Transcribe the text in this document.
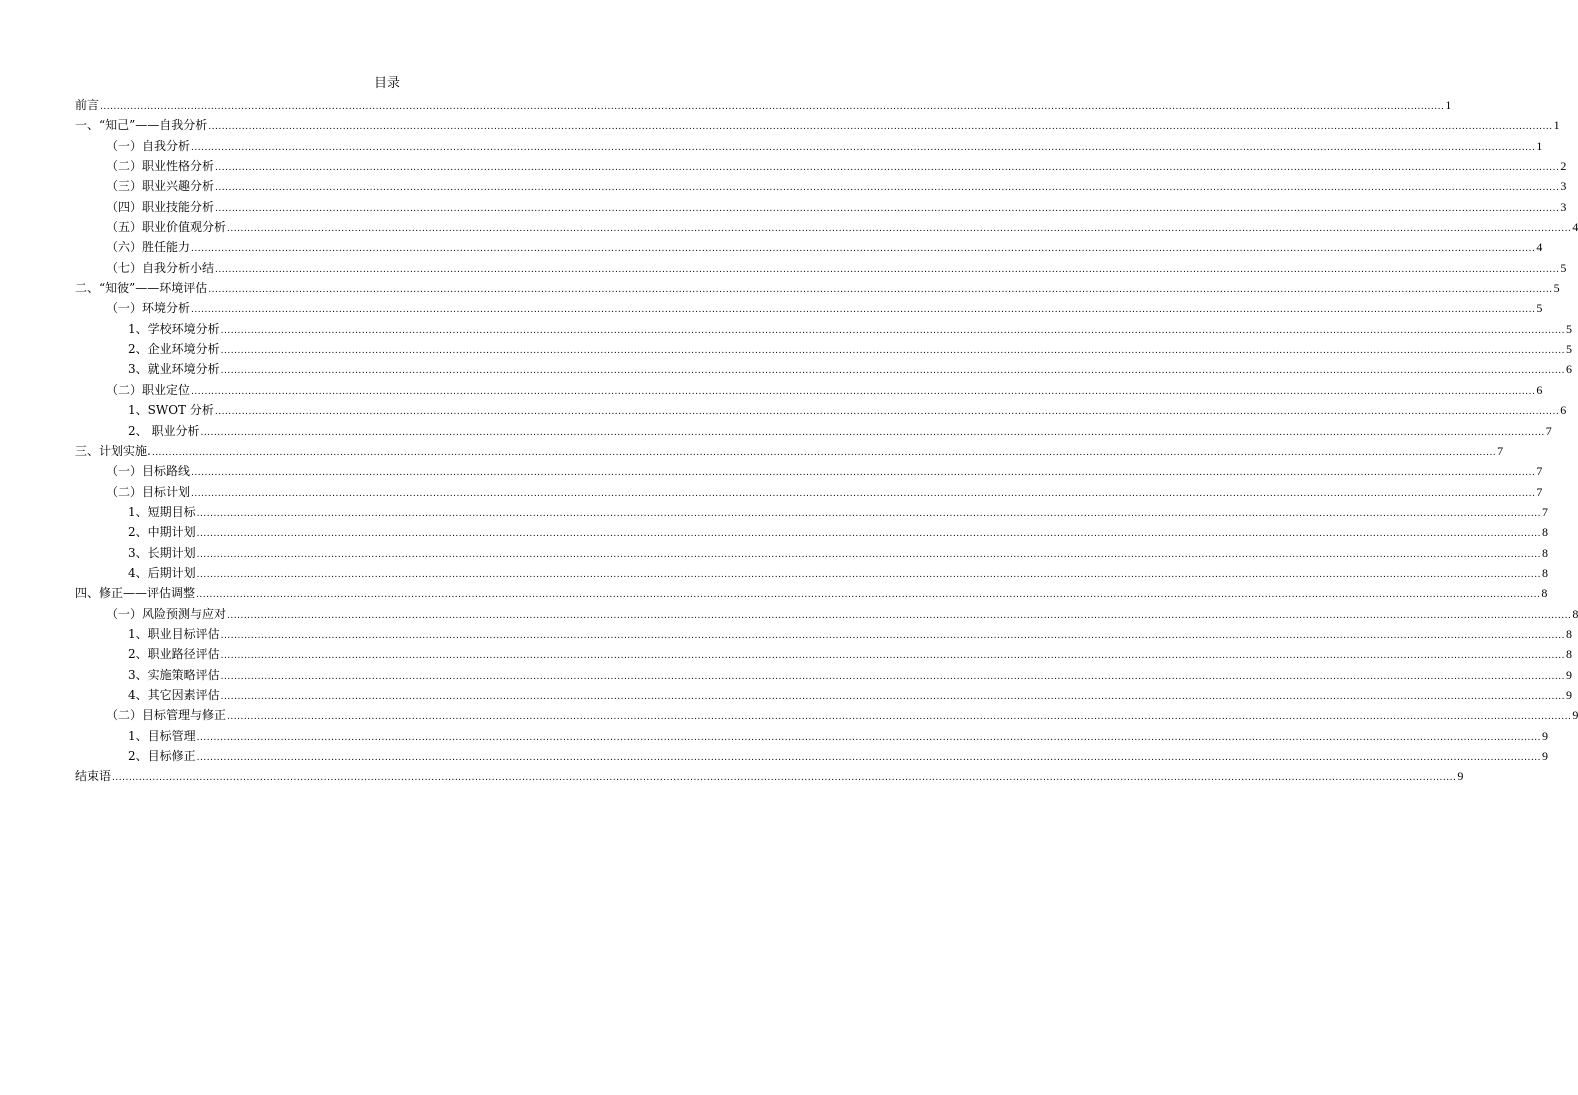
目录
前言 ................................................................................................................................................................................................................................................................................................................................................................................................................ 1
一、“知己”——自我分析 ................................................................................................................................................................................................................................................................................................................................................................................................................ 1
（一）自我分析 ................................................................................................................................................................................................................................................................................................................................................................................................................ 1
（二）职业性格分析 ................................................................................................................................................................................................................................................................................................................................................................................................................ 2
（三）职业兴趣分析 ................................................................................................................................................................................................................................................................................................................................................................................................................ 3
（四）职业技能分析 ................................................................................................................................................................................................................................................................................................................................................................................................................ 3
（五）职业价值观分析 ................................................................................................................................................................................................................................................................................................................................................................................................................ 4
（六）胜任能力 ................................................................................................................................................................................................................................................................................................................................................................................................................ 4
（七）自我分析小结 ................................................................................................................................................................................................................................................................................................................................................................................................................ 5
二、“知彼”——环境评估 ................................................................................................................................................................................................................................................................................................................................................................................................................ 5
（一）环境分析 ................................................................................................................................................................................................................................................................................................................................................................................................................ 5
1、学校环境分析 ................................................................................................................................................................................................................................................................................................................................................................................................................ 5
2、企业环境分析 ................................................................................................................................................................................................................................................................................................................................................................................................................ 5
3、就业环境分析 ................................................................................................................................................................................................................................................................................................................................................................................................................ 6
（二）职业定位 ................................................................................................................................................................................................................................................................................................................................................................................................................ 6
1、SWOT 分析 ................................................................................................................................................................................................................................................................................................................................................................................................................ 6
2、 职业分析 ................................................................................................................................................................................................................................................................................................................................................................................................................ 7
三、计划实施. ................................................................................................................................................................................................................................................................................................................................................................................................................ 7
（一）目标路线 ................................................................................................................................................................................................................................................................................................................................................................................................................ 7
（二）目标计划 ................................................................................................................................................................................................................................................................................................................................................................................................................ 7
1、短期目标 ................................................................................................................................................................................................................................................................................................................................................................................................................ 7
2、中期计划 ................................................................................................................................................................................................................................................................................................................................................................................................................ 8
3、长期计划 ................................................................................................................................................................................................................................................................................................................................................................................................................ 8
4、后期计划 ................................................................................................................................................................................................................................................................................................................................................................................................................ 8
四、修正——评估调整 ................................................................................................................................................................................................................................................................................................................................................................................................................ 8
（一）风险预测与应对 ................................................................................................................................................................................................................................................................................................................................................................................................................ 8
1、职业目标评估 ................................................................................................................................................................................................................................................................................................................................................................................................................ 8
2、职业路径评估 ................................................................................................................................................................................................................................................................................................................................................................................................................ 8
3、实施策略评估 ................................................................................................................................................................................................................................................................................................................................................................................................................ 9
4、其它因素评估 ................................................................................................................................................................................................................................................................................................................................................................................................................ 9
（二）目标管理与修正 ................................................................................................................................................................................................................................................................................................................................................................................................................ 9
1、目标管理 ................................................................................................................................................................................................................................................................................................................................................................................................................ 9
2、目标修正 ................................................................................................................................................................................................................................................................................................................................................................................................................ 9
结束语 ................................................................................................................................................................................................................................................................................................................................................................................................................ 9
